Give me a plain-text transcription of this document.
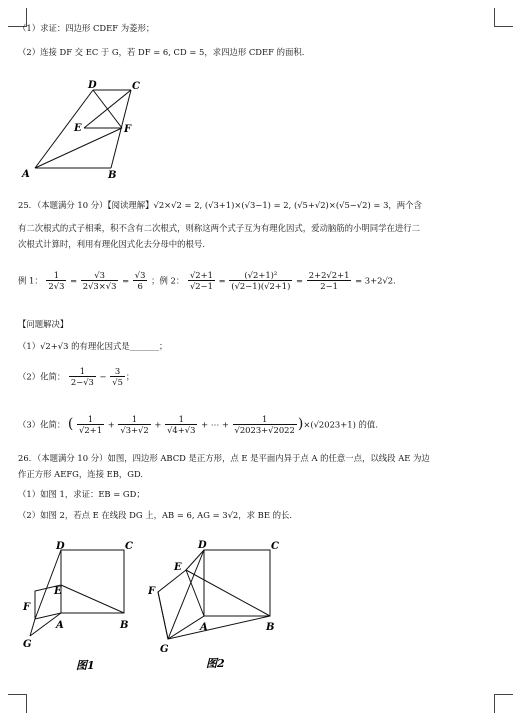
（1）求证：四边形 CDEF 为菱形；
（2）连接 DF 交 EC 于 G，若 DF = 6, CD = 5，求四边形 CDEF 的面积.
D	C
E	F
A	B
25．（本题满分 10 分）【阅读理解】√2×√2 = 2, (√3+1)×(√3−1) = 2, (√5+√2)×(√5−√2) = 3，两个含
有二次根式的式子相乘，积不含有二次根式，则称这两个式子互为有理化因式，爱动脑筋的小明同学在进行二
次根式计算时，利用有理化因式化去分母中的根号.
例 1： $\frac{1}{2√3} = \frac{√3}{2√3\times√3} = \frac{√3}{6}$ ；例 2： $\frac{√2+1}{√2-1} = \frac{\text{(√2+1)²}}{(√2-1)(√2+1)} = \frac{2+2√2+1}{2-1} = 3+2√2$.
【问题解决】
（1）√2+√3 的有理化因式是_______；
（2）化简： $\frac{1}{2-√3} - \frac{3}{√5}$ ；
（3）化简： ( $\frac{1}{√2+1} + \frac{1}{√3+√2} + \frac{1}{√4+√3}$ + ⋯ + $\frac{1}{√2023+√2022} )\times(√2023+1)$ 的值.
26．（本题满分 10 分）如图，四边形 ABCD 是正方形，点 E 是平面内异于点 A 的任意一点，以线段 AE 为边
作正方形 AEFG，连接 EB，GD.
（1）如图 1，求证：EB = GD；
（2）如图 2，若点 E 在线段 DG 上，AB = 6, AG = 3√2，求 BE 的长.
D	C
E
F
G
A	B
图1
D	C
E
F
G
A	B
图2
